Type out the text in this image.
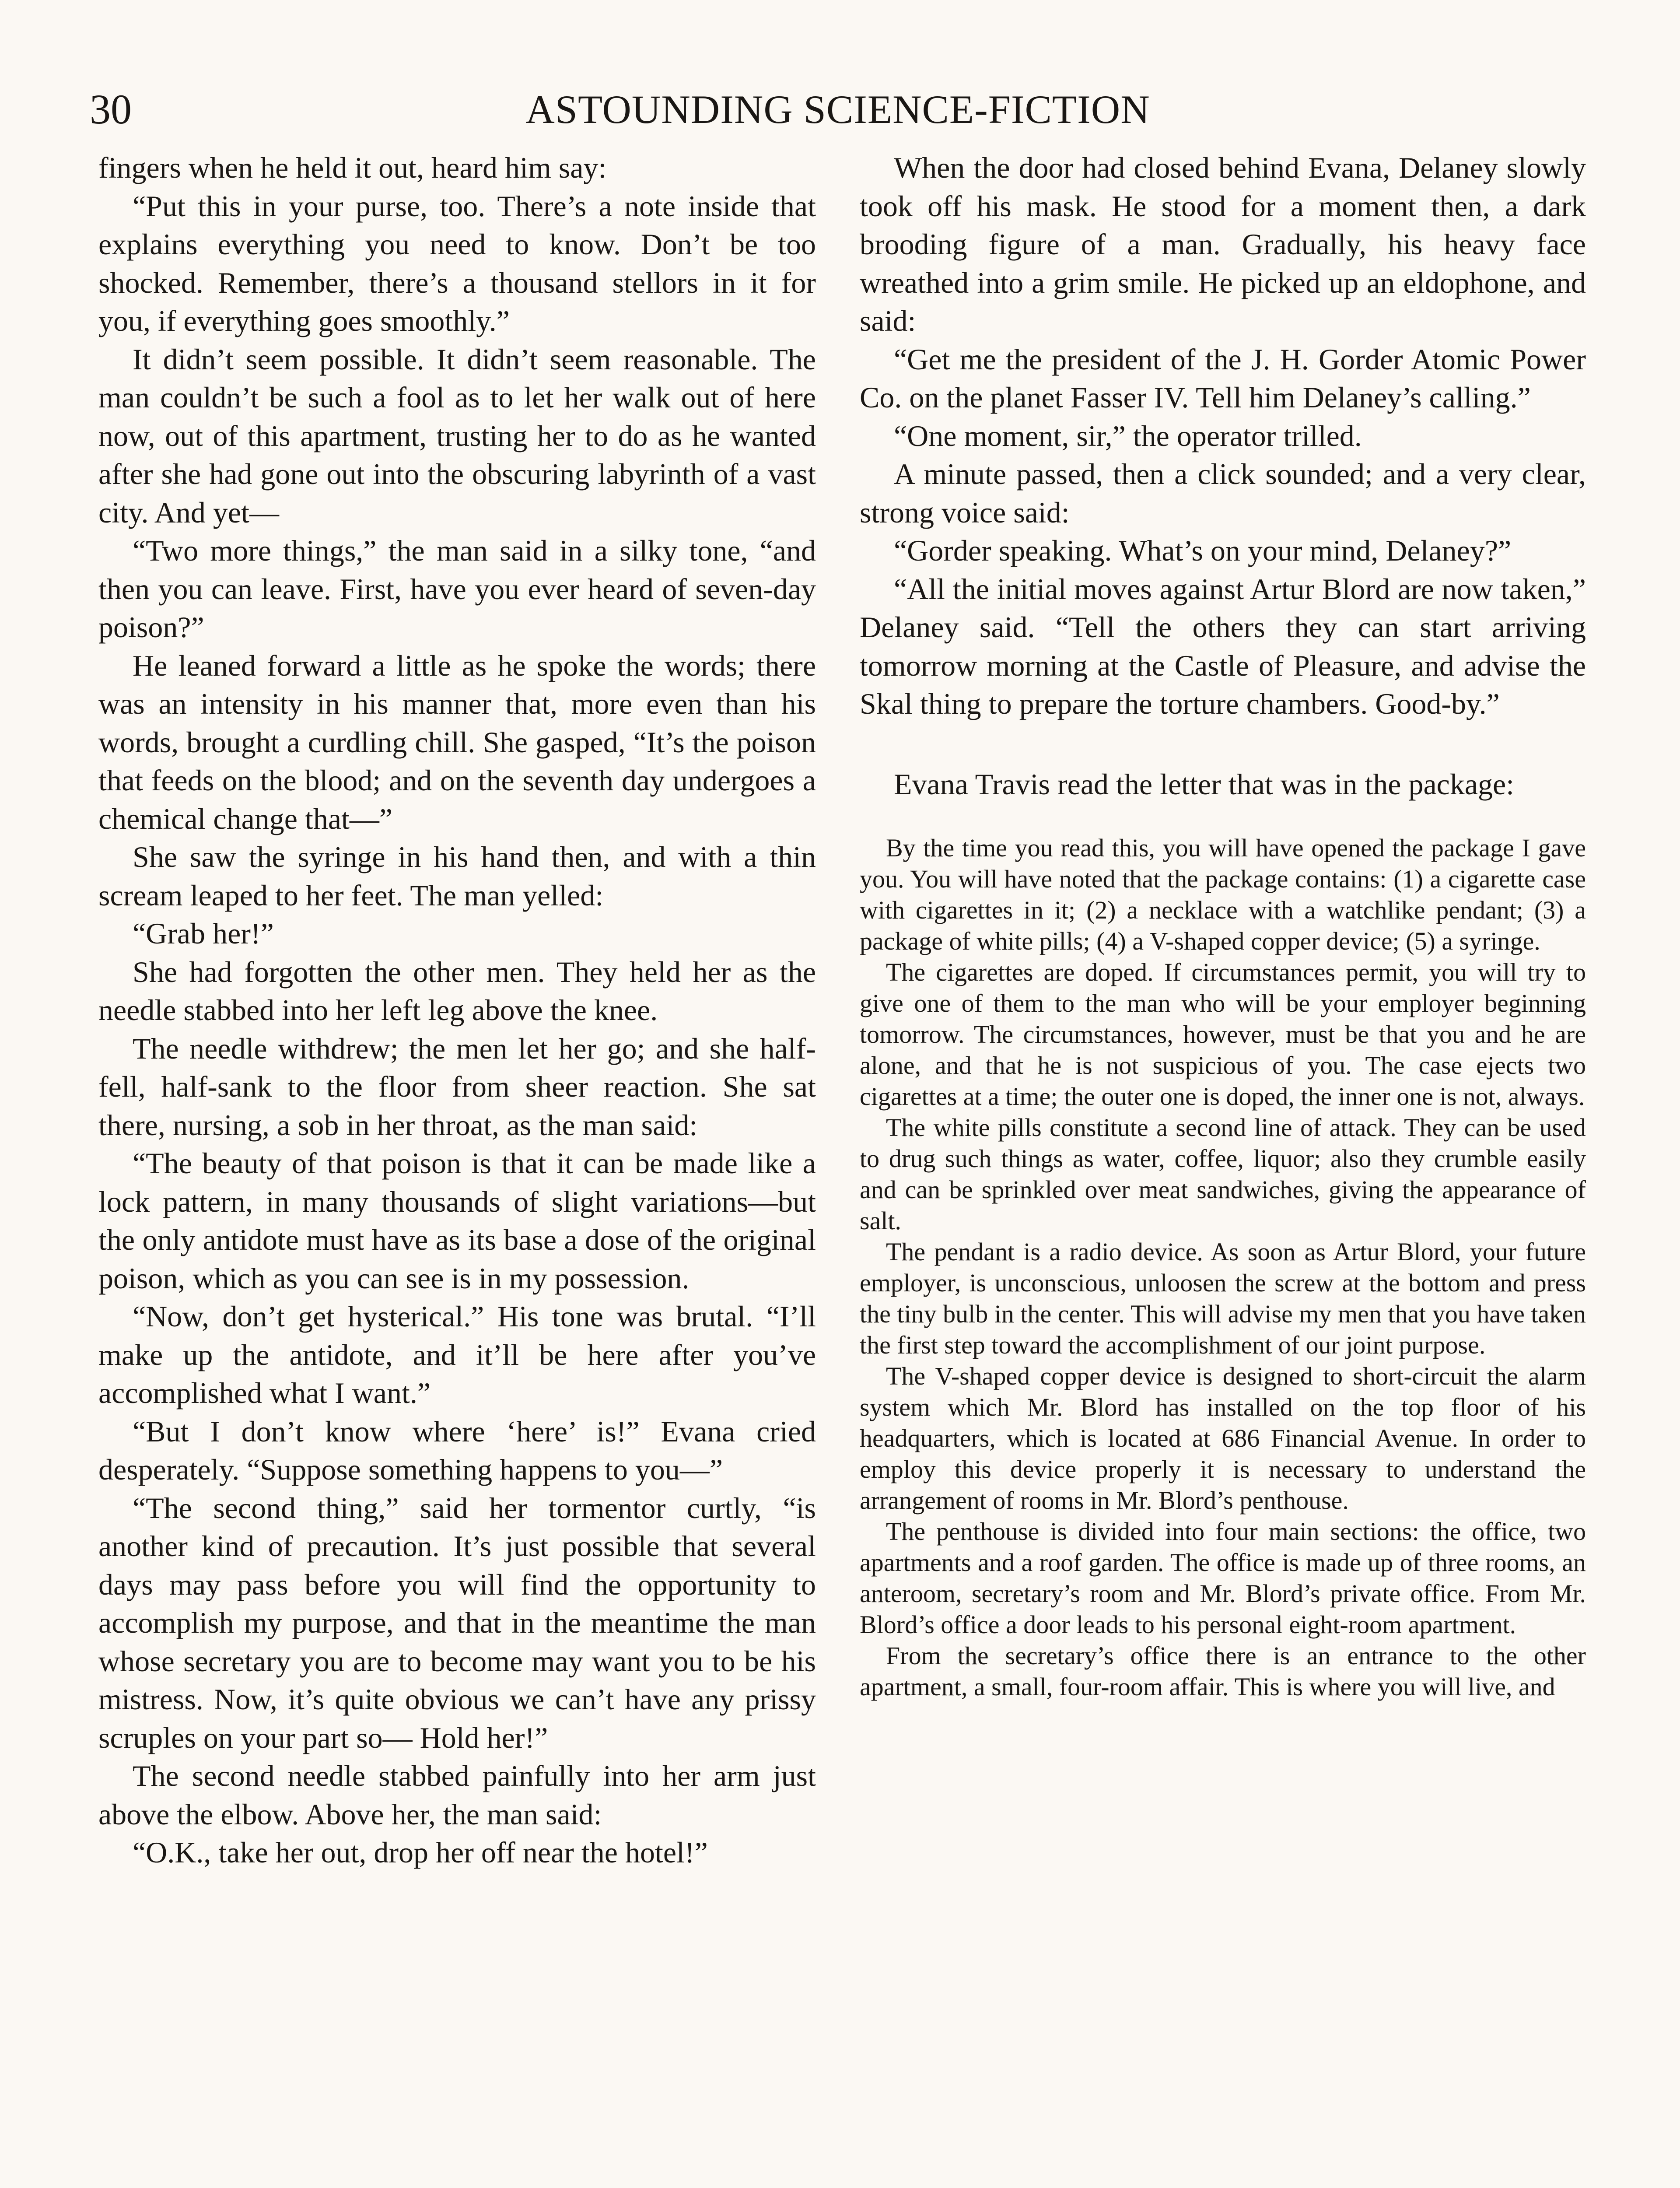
30	ASTOUNDING SCIENCE-FICTION

fingers when he held it out, heard him say:

“Put this in your purse, too. There’s a note inside that explains everything you need to know. Don’t be too shocked. Remember, there’s a thousand stellors in it for you, if everything goes smoothly.”

It didn’t seem possible. It didn’t seem reasonable. The man couldn’t be such a fool as to let her walk out of here now, out of this apartment, trusting her to do as he wanted after she had gone out into the obscuring labyrinth of a vast city. And yet—

“Two more things,” the man said in a silky tone, “and then you can leave. First, have you ever heard of seven-day poison?”

He leaned forward a little as he spoke the words; there was an intensity in his manner that, more even than his words, brought a curdling chill. She gasped, “It’s the poison that feeds on the blood; and on the seventh day undergoes a chemical change that—”

She saw the syringe in his hand then, and with a thin scream leaped to her feet. The man yelled:

“Grab her!”

She had forgotten the other men. They held her as the needle stabbed into her left leg above the knee.

The needle withdrew; the men let her go; and she half-fell, half-sank to the floor from sheer reaction. She sat there, nursing, a sob in her throat, as the man said:

“The beauty of that poison is that it can be made like a lock pattern, in many thousands of slight variations—but the only antidote must have as its base a dose of the original poison, which as you can see is in my possession.

“Now, don’t get hysterical.” His tone was brutal. “I’ll make up the antidote, and it’ll be here after you’ve accomplished what I want.”

“But I don’t know where ‘here’ is!” Evana cried desperately. “Suppose something happens to you—”

“The second thing,” said her tormentor curtly, “is another kind of precaution. It’s just possible that several days may pass before you will find the opportunity to accomplish my purpose, and that in the meantime the man whose secretary you are to become may want you to be his mistress. Now, it’s quite obvious we can’t have any prissy scruples on your part so— Hold her!”

The second needle stabbed painfully into her arm just above the elbow. Above her, the man said:

“O.K., take her out, drop her off near the hotel!”

When the door had closed behind Evana, Delaney slowly took off his mask. He stood for a moment then, a dark brooding figure of a man. Gradually, his heavy face wreathed into a grim smile. He picked up an eldophone, and said:

“Get me the president of the J. H. Gorder Atomic Power Co. on the planet Fasser IV. Tell him Delaney’s calling.”

“One moment, sir,” the operator trilled.

A minute passed, then a click sounded; and a very clear, strong voice said:

“Gorder speaking. What’s on your mind, Delaney?”

“All the initial moves against Artur Blord are now taken,” Delaney said. “Tell the others they can start arriving tomorrow morning at the Castle of Pleasure, and advise the Skal thing to prepare the torture chambers. Good-by.”

Evana Travis read the letter that was in the package:

By the time you read this, you will have opened the package I gave you. You will have noted that the package contains: (1) a cigarette case with cigarettes in it; (2) a necklace with a watchlike pendant; (3) a package of white pills; (4) a V-shaped copper device; (5) a syringe.

The cigarettes are doped. If circumstances permit, you will try to give one of them to the man who will be your employer beginning tomorrow. The circumstances, however, must be that you and he are alone, and that he is not suspicious of you. The case ejects two cigarettes at a time; the outer one is doped, the inner one is not, always.

The white pills constitute a second line of attack. They can be used to drug such things as water, coffee, liquor; also they crumble easily and can be sprinkled over meat sandwiches, giving the appearance of salt.

The pendant is a radio device. As soon as Artur Blord, your future employer, is unconscious, unloosen the screw at the bottom and press the tiny bulb in the center. This will advise my men that you have taken the first step toward the accomplishment of our joint purpose.

The V-shaped copper device is designed to short-circuit the alarm system which Mr. Blord has installed on the top floor of his headquarters, which is located at 686 Financial Avenue. In order to employ this device properly it is necessary to understand the arrangement of rooms in Mr. Blord’s penthouse.

The penthouse is divided into four main sections: the office, two apartments and a roof garden. The office is made up of three rooms, an anteroom, secretary’s room and Mr. Blord’s private office. From Mr. Blord’s office a door leads to his personal eight-room apartment.

From the secretary’s office there is an entrance to the other apartment, a small, four-room affair. This is where you will live, and
